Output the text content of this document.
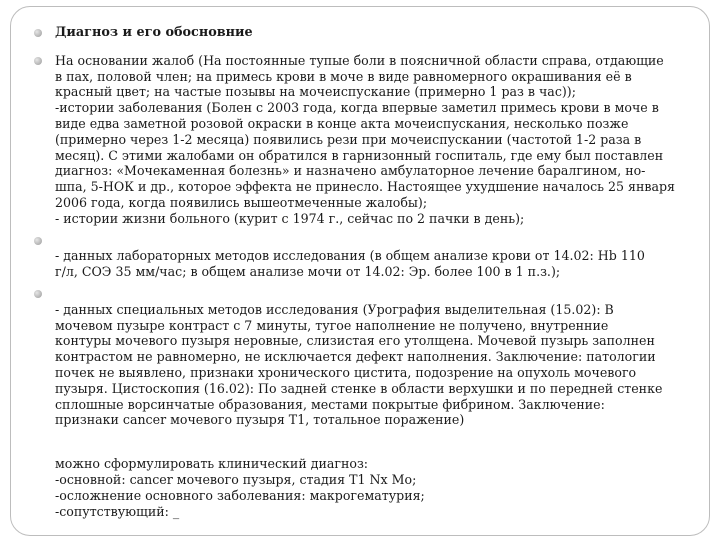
Диагноз и его обосновние
На основании жалоб (На постоянные тупые боли в поясничной области справа, отдающие
в пах, половой член; на примесь крови в моче в виде равномерного окрашивания её в
красный цвет; на частые позывы на мочеиспускание (примерно 1 раз в час));
-истории заболевания (Болен с 2003 года, когда впервые заметил примесь крови в моче в
виде едва заметной розовой окраски в конце акта мочеиспускания, несколько позже
(примерно через 1-2 месяца) появились рези при мочеиспускании (частотой 1-2 раза в
месяц). С этими жалобами он обратился в гарнизонный госпиталь, где ему был поставлен
диагноз: «Мочекаменная болезнь» и назначено амбулаторное лечение баралгином, но-
шпа, 5-НОК и др., которое эффекта не принесло. Настоящее ухудшение началось 25 января
2006 года, когда появились вышеотмеченные жалобы);
- истории жизни больного (курит с 1974 г., сейчас по 2 пачки в день);
- данных лабораторных методов исследования (в общем анализе крови от 14.02: Hb 110
г/л, СОЭ 35 мм/час; в общем анализе мочи от 14.02: Эр. более 100 в 1 п.з.);
- данных специальных методов исследования (Урография выделительная (15.02): В
мочевом пузыре контраст с 7 минуты, тугое наполнение не получено, внутренние
контуры мочевого пузыря неровные, слизистая его утолщена. Мочевой пузырь заполнен
контрастом не равномерно, не исключается дефект наполнения. Заключение: патологии
почек не выявлено, признаки хронического цистита, подозрение на опухоль мочевого
пузыря. Цистоскопия (16.02): По задней стенке в области верхушки и по передней стенке
сплошные ворсинчатые образования, местами покрытые фибрином. Заключение:
признаки cancer мочевого пузыря Т1, тотальное поражение)
можно сформулировать клинический диагноз:
-основной: cancer мочевого пузыря, стадия T1 Nx Mo;
-осложнение основного заболевания: макрогематурия;
-сопутствующий: _
